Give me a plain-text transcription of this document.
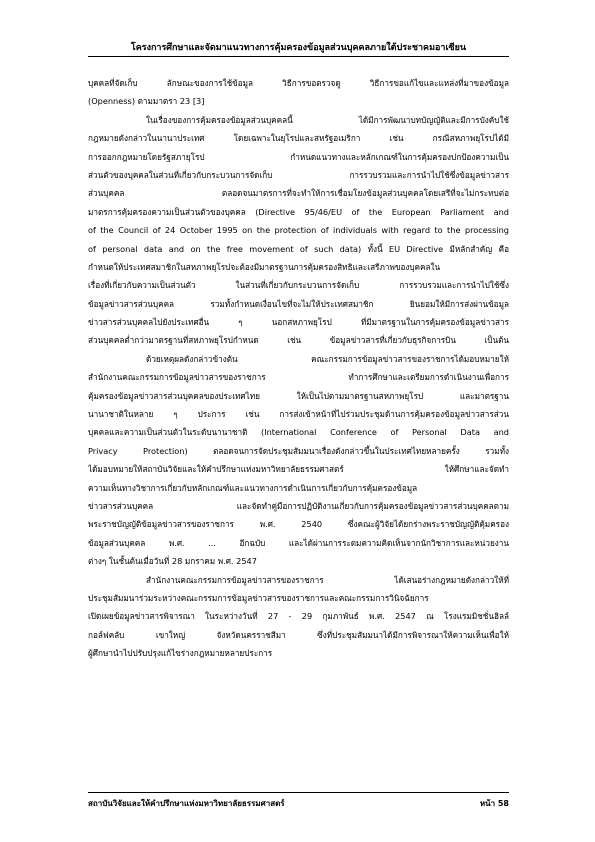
โครงการศึกษาและจัดมาแนวทางการคุ้มครองข้อมูลส่วนบุคคลภายใต้ประชาคมอาเซียน
บุคคลที่จัดเก็บ ลักษณะของการใช้ข้อมูล วิธีการขอตรวจดู วิธีการขอแก้ไขและแหล่งที่มาของข้อมูล
(Openness) ตามมาตรา 23 [3]
ในเรื่องของการคุ้มครองข้อมูลส่วนบุคคลนี้ ได้มีการพัฒนาบทบัญญัติและมีการบังคับใช้
กฎหมายดังกล่าวในนานาประเทศ โดยเฉพาะในยุโรปและสหรัฐอเมริกา เช่น กรณีสหภาพยุโรปได้มี
การออกกฎหมายโดยรัฐสภายุโรป กำหนดแนวทางและหลักเกณฑ์ในการคุ้มครองปกป้องความเป็น
ส่วนตัวของบุคคลในส่วนที่เกี่ยวกับกระบวนการจัดเก็บ การรวบรวมและการนำไปใช้ซึ่งข้อมูลข่าวสาร
ส่วนบุคคล ตลอดจนมาตรการที่จะทำให้การเชื่อมโยงข้อมูลส่วนบุคคลโดยเสรีที่จะไม่กระทบต่อ
มาตรการคุ้มครองความเป็นส่วนตัวของบุคคล (Directive 95/46/EU of the European Parliament and
of the Council of 24 October 1995 on the protection of individuals with regard to the processing
of personal data and on the free movement of such data) ทั้งนี้ EU Directive มีหลักสำคัญ คือ
กำหนดให้ประเทศสมาชิกในสหภาพยุโรปจะต้องมีมาตรฐานการคุ้มครองสิทธิและเสรีภาพของบุคคลใน
เรื่องที่เกี่ยวกับความเป็นส่วนตัว ในส่วนที่เกี่ยวกับกระบวนการจัดเก็บ การรวบรวมและการนำไปใช้ซึ่ง
ข้อมูลข่าวสารส่วนบุคคล รวมทั้งกำหนดเงื่อนไขที่จะไม่ให้ประเทศสมาชิก ยินยอมให้มีการส่งผ่านข้อมูล
ข่าวสารส่วนบุคคลไปยังประเทศอื่น ๆ นอกสหภาพยุโรป ที่มีมาตรฐานในการคุ้มครองข้อมูลข่าวสาร
ส่วนบุคคลต่ำกว่ามาตรฐานที่สหภาพยุโรปกำหนด เช่น ข้อมูลข่าวสารที่เกี่ยวกับธุรกิจการบิน เป็นต้น
ด้วยเหตุผลดังกล่าวข้างต้น คณะกรรมการข้อมูลข่าวสารของราชการได้มอบหมายให้
สำนักงานคณะกรรมการข้อมูลข่าวสารของราชการ ทำการศึกษาและเตรียมการดำเนินงานเพื่อการ
คุ้มครองข้อมูลข่าวสารส่วนบุคคลของประเทศไทย ให้เป็นไปตามมาตรฐานสหภาพยุโรป และมาตรฐาน
นานาชาติในหลาย ๆ ประการ เช่น การส่งเข้าหน้าที่ไปร่วมประชุมด้านการคุ้มครองข้อมูลข่าวสารส่วน
บุคคลและความเป็นส่วนตัวในระดับนานาชาติ (International Conference of Personal Data and
Privacy Protection) ตลอดจนการจัดประชุมสัมมนาเรื่องดังกล่าวขึ้นในประเทศไทยหลายครั้ง รวมทั้ง
ได้มอบหมายให้สถาบันวิจัยและให้คำปรึกษาแห่งมหาวิทยาลัยธรรมศาสตร์ ให้ศึกษาและจัดทำ
ความเห็นทางวิชาการเกี่ยวกับหลักเกณฑ์และแนวทางการดำเนินการเกี่ยวกับการคุ้มครองข้อมูล
ข่าวสารส่วนบุคคล และจัดทำคู่มือการปฏิบัติงานเกี่ยวกับการคุ้มครองข้อมูลข่าวสารส่วนบุคคลตาม
พระราชบัญญัติข้อมูลข่าวสารของราชการ พ.ศ. 2540 ซึ่งคณะผู้วิจัยได้ยกร่างพระราชบัญญัติคุ้มครอง
ข้อมูลส่วนบุคคล พ.ศ. ... อีกฉบับ และได้ผ่านการระดมความคิดเห็นจากนักวิชาการและหน่วยงาน
ต่างๆ ในชั้นต้นเมื่อวันที่ 28 มกราคม พ.ศ. 2547
สำนักงานคณะกรรมการข้อมูลข่าวสารของราชการ ได้เสนอร่างกฎหมายดังกล่าวให้ที่
ประชุมสัมมนาร่วมระหว่างคณะกรรมการข้อมูลข่าวสารของราชการและคณะกรรมการวินิจฉัยการ
เปิดเผยข้อมูลข่าวสารพิจารณา ในระหว่างวันที่ 27 - 29 กุมภาพันธ์ พ.ศ. 2547 ณ โรงแรมมิชชั่นฮิลล์
กอล์ฟคลับ เขาใหญ่ จังหวัดนครราชสีมา ซึ่งที่ประชุมสัมมนาได้มีการพิจารณาให้ความเห็นเพื่อให้
ผู้ศึกษานำไปปรับปรุงแก้ไขร่างกฎหมายหลายประการ
สถาบันวิจัยและให้คำปรึกษาแห่งมหาวิทยาลัยธรรมศาสตร์	หน้า 58
